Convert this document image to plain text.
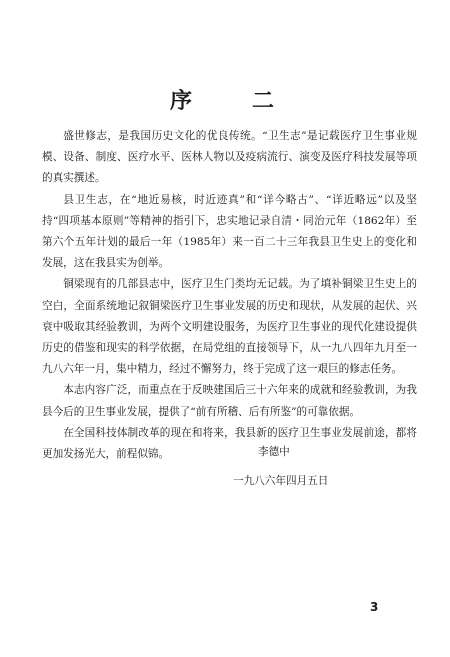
序	二

盛世修志，是我国历史文化的优良传统。“卫生志”是记载医疗卫生事业规模、设备、制度、医疗水平、医林人物以及疫病流行、演变及医疗科技发展等项的真实撰述。

县卫生志，在“地近易核，时近迹真”和“详今略古”、“详近略远”以及坚持“四项基本原则”等精神的指引下，忠实地记录自清・同治元年（1862年）至第六个五年计划的最后一年（1985年）来一百二十三年我县卫生史上的变化和发展，这在我县实为创举。

铜梁现有的几部县志中，医疗卫生门类均无记载。为了填补铜梁卫生史上的空白，全面系统地记叙铜梁医疗卫生事业发展的历史和现状，从发展的起伏、兴衰中吸取其经验教训，为两个文明建设服务，为医疗卫生事业的现代化建设提供历史的借鉴和现实的科学依据，在局党组的直接领导下，从一九八四年九月至一九八六年一月，集中精力，经过不懈努力，终于完成了这一艰巨的修志任务。

本志内容广泛，而重点在于反映建国后三十六年来的成就和经验教训，为我县今后的卫生事业发展，提供了“前有所稽、后有所鉴”的可靠依据。

在全国科技体制改革的现在和将来，我县新的医疗卫生事业发展前途，都将更加发扬光大，前程似锦。	李德中
一九八六年四月五日
3
